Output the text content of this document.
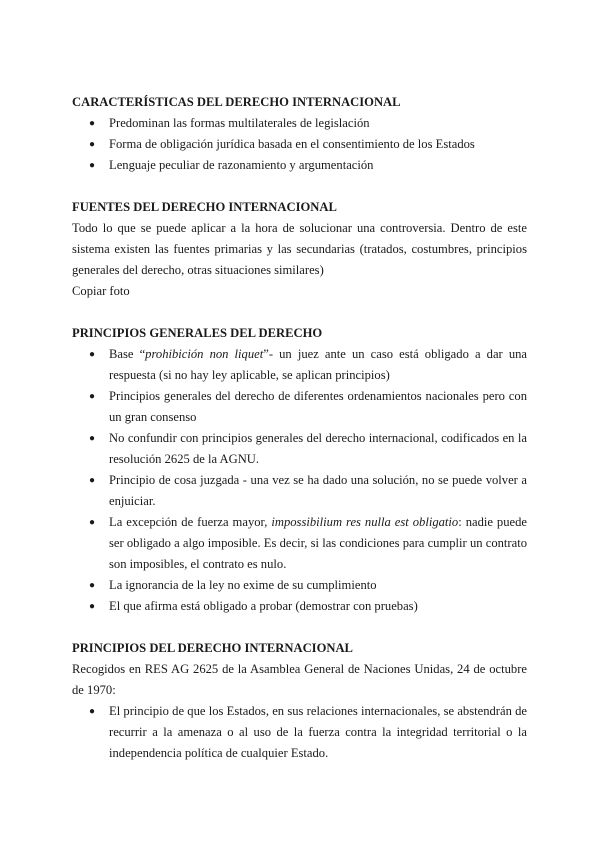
CARACTERÍSTICAS DEL DERECHO INTERNACIONAL

● Predominan las formas multilaterales de legislación
● Forma de obligación jurídica basada en el consentimiento de los Estados
● Lenguaje peculiar de razonamiento y argumentación

FUENTES DEL DERECHO INTERNACIONAL

Todo lo que se puede aplicar a la hora de solucionar una controversia. Dentro de este sistema existen las fuentes primarias y las secundarias (tratados, costumbres, principios generales del derecho, otras situaciones similares)

Copiar foto

PRINCIPIOS GENERALES DEL DERECHO

● Base “prohibición non liquet”- un juez ante un caso está obligado a dar una respuesta (si no hay ley aplicable, se aplican principios)
● Principios generales del derecho de diferentes ordenamientos nacionales pero con un gran consenso
● No confundir con principios generales del derecho internacional, codificados en la resolución 2625 de la AGNU.
● Principio de cosa juzgada - una vez se ha dado una solución, no se puede volver a enjuiciar.
● La excepción de fuerza mayor, impossibilium res nulla est obligatio: nadie puede ser obligado a algo imposible. Es decir, si las condiciones para cumplir un contrato son imposibles, el contrato es nulo.
● La ignorancia de la ley no exime de su cumplimiento
● El que afirma está obligado a probar (demostrar con pruebas)

PRINCIPIOS DEL DERECHO INTERNACIONAL

Recogidos en RES AG 2625 de la Asamblea General de Naciones Unidas, 24 de octubre de 1970:

● El principio de que los Estados, en sus relaciones internacionales, se abstendrán de recurrir a la amenaza o al uso de la fuerza contra la integridad territorial o la independencia política de cualquier Estado.
